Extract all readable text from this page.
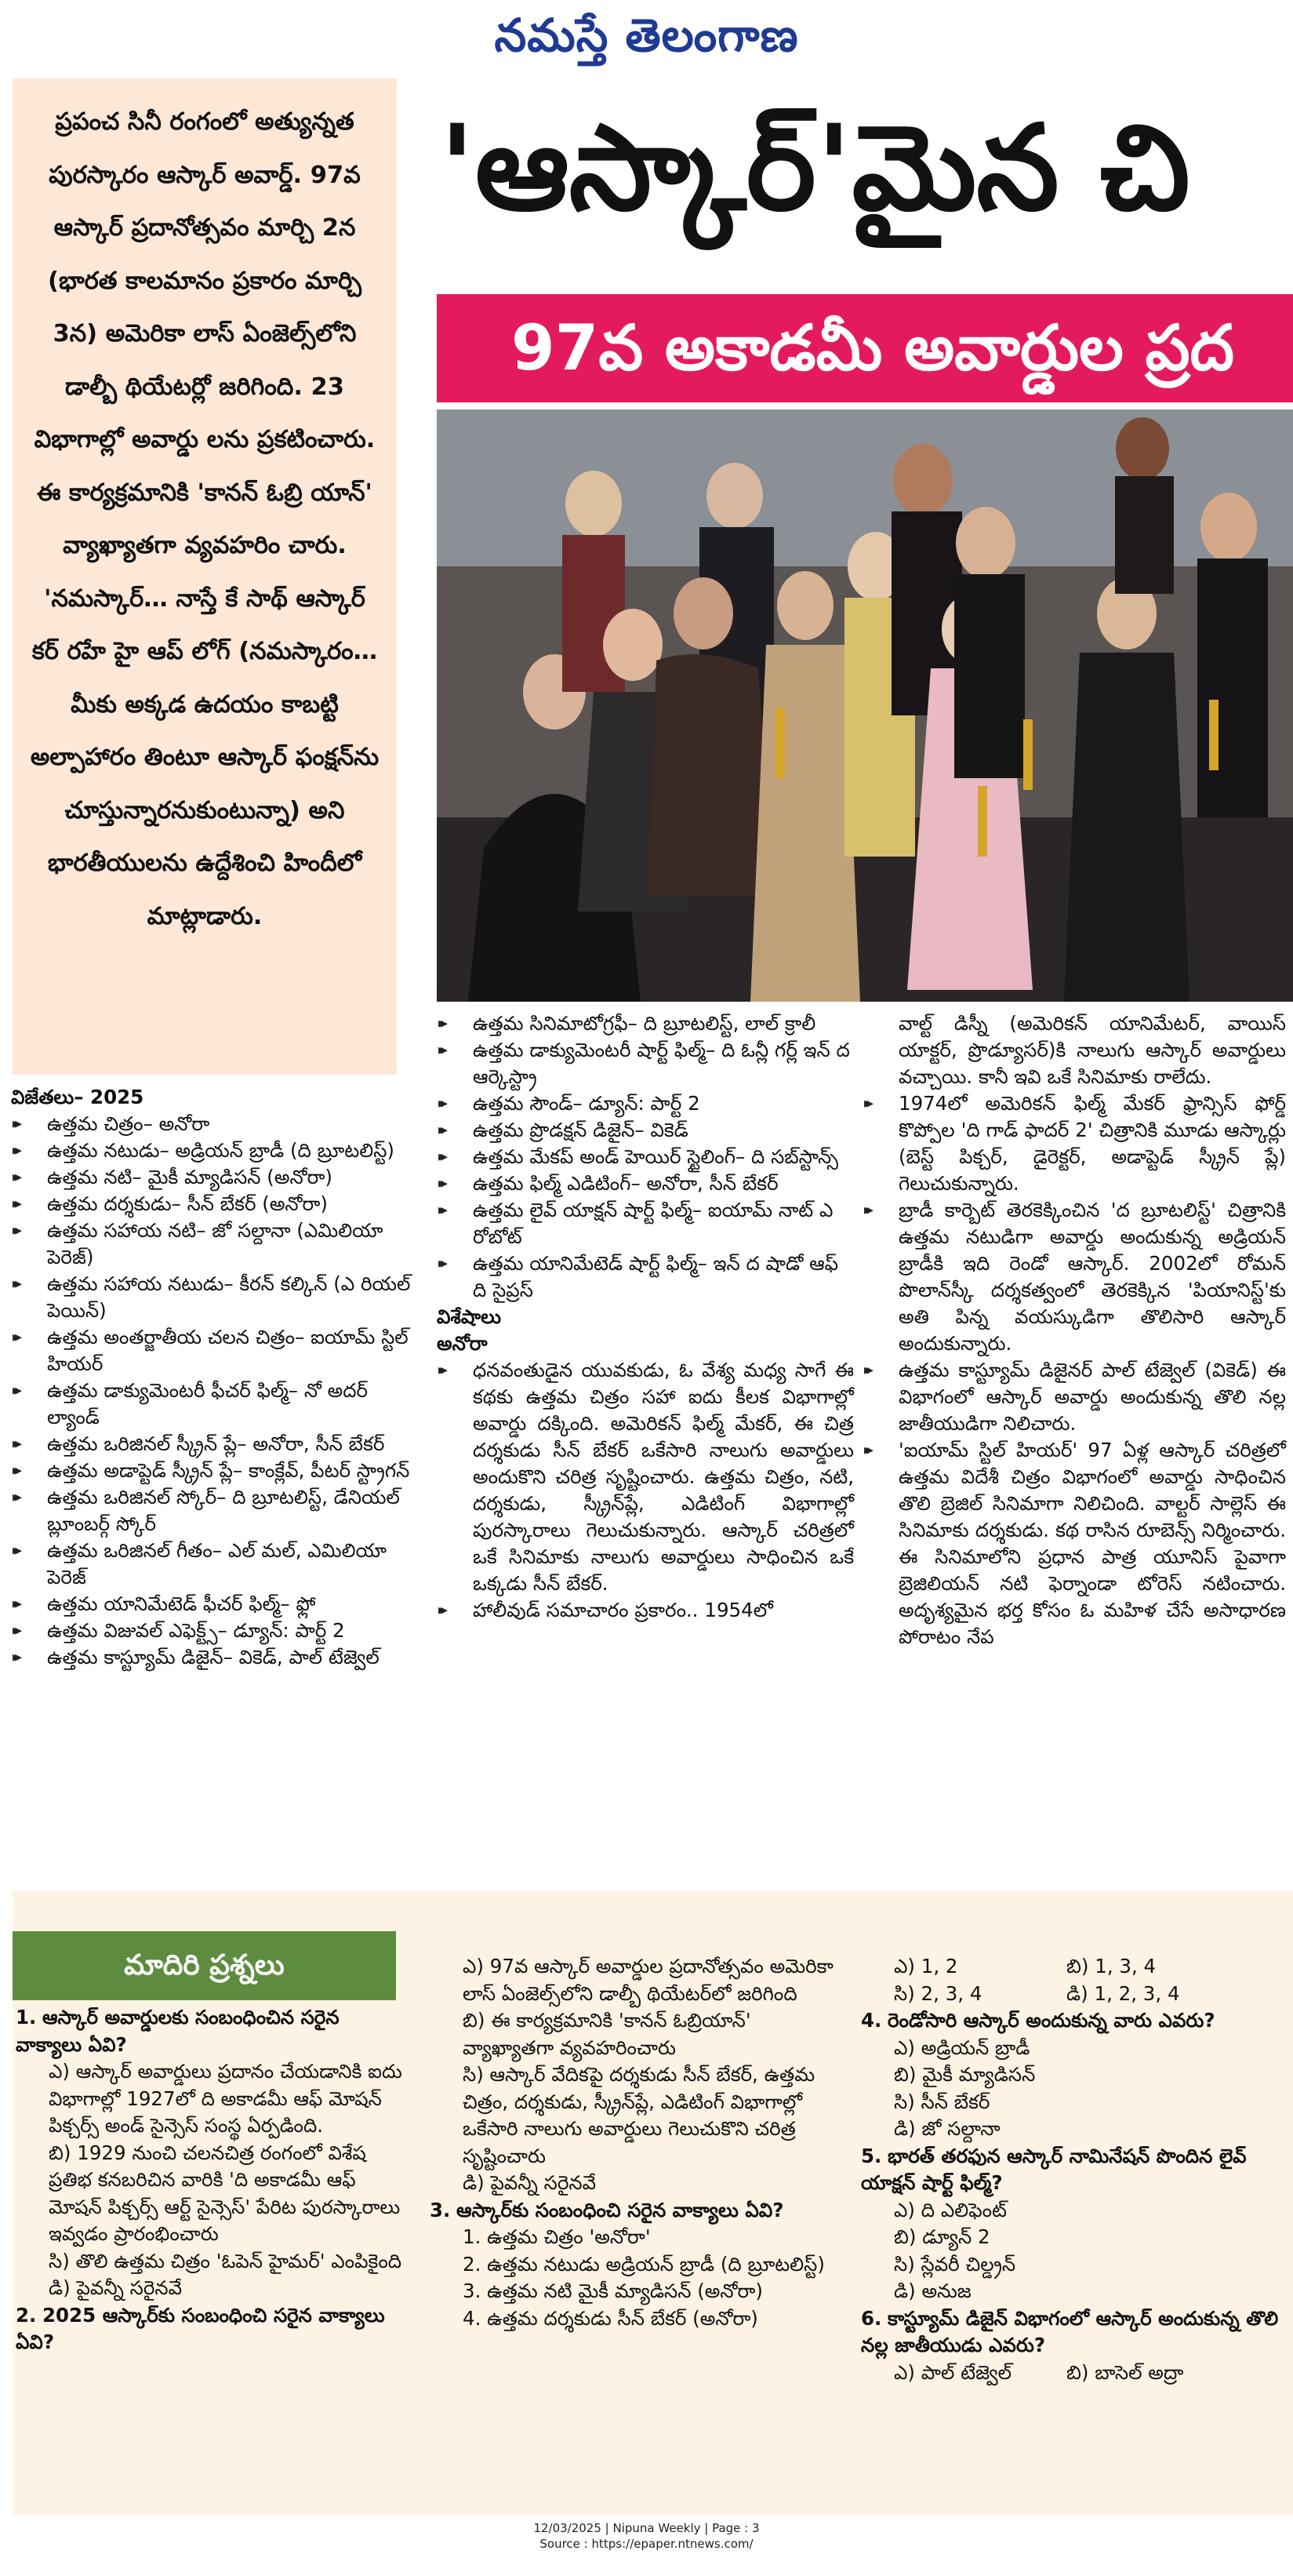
నమస్తే తెలంగాణ

ప్రపంచ సినీ రంగంలో అత్యున్నత పురస్కారం ఆస్కార్ అవార్డ్. 97వ ఆస్కార్ ప్రదానోత్సవం మార్చి 2న (భారత కాలమానం ప్రకారం మార్చి 3న) అమెరికా లాస్ ఏంజెల్స్‌లోని డాల్బీ థియేటర్లో జరిగింది. 23 విభాగాల్లో అవార్డు లను ప్రకటించారు. ఈ కార్యక్రమానికి 'కానన్ ఓబ్రి యాన్' వ్యాఖ్యాతగా వ్యవహరిం చారు. 'నమస్కార్… నాస్తే కే సాథ్ ఆస్కార్ కర్ రహే హై ఆప్ లోగ్ (నమస్కారం… మీకు అక్కడ ఉదయం కాబట్టి అల్పాహారం తింటూ ఆస్కార్ ఫంక్షన్‌ను చూస్తున్నారనుకుంటున్నా) అని భారతీయులను ఉద్దేశించి హిందీలో మాట్లాడారు.

'ఆస్కార్'మైన చి
97వ అకాడమీ అవార్డుల ప్రద

విజేతలు– 2025

▸▸ ఉత్తమ చిత్రం– అనోరా
▸▸ ఉత్తమ నటుడు– అడ్రియన్ బ్రాడీ (ది బ్రూటలిస్ట్)
▸▸ ఉత్తమ నటి– మైకీ మ్యాడిసన్ (అనోరా)
▸▸ ఉత్తమ దర్శకుడు– సీన్ బేకర్ (అనోరా)
▸▸ ఉత్తమ సహాయ నటి– జో సల్దానా (ఎమిలియా పెరెజ్)
▸▸ ఉత్తమ సహాయ నటుడు– కీరన్ కల్కిన్ (ఎ రియల్ పెయిన్)
▸▸ ఉత్తమ అంతర్జాతీయ చలన చిత్రం– ఐయామ్ స్టిల్ హియర్
▸▸ ఉత్తమ డాక్యుమెంటరీ ఫీచర్ ఫిల్మ్– నో అదర్ ల్యాండ్
▸▸ ఉత్తమ ఒరిజినల్ స్క్రీన్ ప్లే– అనోరా, సీన్ బేకర్
▸▸ ఉత్తమ అడాప్టెడ్ స్క్రీన్ ప్లే– కాంక్లేవ్, పీటర్ స్ట్రాగన్
▸▸ ఉత్తమ ఒరిజినల్ స్కోర్– ది బ్రూటలిస్ట్, డేనియల్ బ్లూంబర్గ్ స్కోర్
▸▸ ఉత్తమ ఒరిజినల్ గీతం– ఎల్ మల్, ఎమిలియా పెరెజ్
▸▸ ఉత్తమ యానిమేటెడ్ ఫీచర్ ఫిల్మ్– ఫ్లో
▸▸ ఉత్తమ విజువల్ ఎఫెక్ట్స్– డ్యూన్: పార్ట్ 2
▸▸ ఉత్తమ కాస్ట్యూమ్ డిజైన్– వికెడ్, పాల్ టేజ్వెల్
▸▸ ఉత్తమ సినిమాటోగ్రఫీ– ది బ్రూటలిస్ట్, లాల్ క్రాలీ
▸▸ ఉత్తమ డాక్యుమెంటరీ షార్ట్ ఫిల్మ్– ది ఓన్లీ గర్ల్ ఇన్ ద ఆర్కెస్ట్రా
▸▸ ఉత్తమ సౌండ్– డ్యూన్: పార్ట్ 2
▸▸ ఉత్తమ ప్రొడక్షన్ డిజైన్– వికెడ్
▸▸ ఉత్తమ మేకప్ అండ్ హెయిర్ స్టైలింగ్– ది సబ్‌స్టాన్స్
▸▸ ఉత్తమ ఫిల్మ్ ఎడిటింగ్– అనోరా, సీన్ బేకర్
▸▸ ఉత్తమ లైవ్ యాక్షన్ షార్ట్ ఫిల్మ్– ఐయామ్ నాట్ ఎ రోబోట్
▸▸ ఉత్తమ యానిమేటెడ్ షార్ట్ ఫిల్మ్– ఇన్ ద షాడో ఆఫ్ ది సైప్రస్

విశేషాలు

అనోరా

▸▸ ధనవంతుడైన యువకుడు, ఓ వేశ్య మధ్య సాగే ఈ కథకు ఉత్తమ చిత్రం సహా ఐదు కీలక విభాగాల్లో అవార్డు దక్కింది. అమెరికన్ ఫిల్మ్ మేకర్, ఈ చిత్ర దర్శకుడు సీన్ బేకర్ ఒకేసారి నాలుగు అవార్డులు అందుకొని చరిత్ర సృష్టించారు. ఉత్తమ చిత్రం, నటి, దర్శకుడు, స్క్రీన్‌ప్లే, ఎడిటింగ్ విభాగాల్లో పురస్కారాలు గెలుచుకున్నారు. ఆస్కార్ చరిత్రలో ఒకే సినిమాకు నాలుగు అవార్డులు సాధించిన ఒకే ఒక్కడు సీన్ బేకర్.
▸▸ హాలీవుడ్ సమాచారం ప్రకారం.. 1954లో

వాల్ట్ డిస్నీ (అమెరికన్ యానిమేటర్, వాయిస్ యాక్టర్, ప్రొడ్యూసర్)కి నాలుగు ఆస్కార్ అవార్డులు వచ్చాయి. కానీ ఇవి ఒకే సినిమాకు రాలేదు.

▸▸ 1974లో అమెరికన్ ఫిల్మ్ మేకర్ ఫ్రాన్సిస్ ఫోర్డ్ కొప్పోల 'ది గాడ్ ఫాదర్ 2' చిత్రానికి మూడు ఆస్కార్లు (బెస్ట్ పిక్చర్, డైరెక్టర్, అడాప్టెడ్ స్క్రీన్ ప్లే) గెలుచుకున్నారు.
▸▸ బ్రాడీ కార్బెట్ తెరకెక్కించిన 'ద బ్రూటలిస్ట్' చిత్రానికి ఉత్తమ నటుడిగా అవార్డు అందుకున్న అడ్రియన్ బ్రాడీకి ఇది రెండో ఆస్కార్. 2002లో రోమన్ పొలాన్‌స్కీ దర్శకత్వంలో తెరకెక్కిన 'పియానిస్ట్'కు అతి పిన్న వయస్కుడిగా తొలిసారి ఆస్కార్ అందుకున్నారు.
▸▸ ఉత్తమ కాస్ట్యూమ్ డిజైనర్ పాల్ టేజ్వెల్ (వికెడ్) ఈ విభాగంలో ఆస్కార్ అవార్డు అందుకున్న తొలి నల్ల జాతీయుడిగా నిలిచారు.
▸▸ 'ఐయామ్ స్టిల్ హియర్' 97 ఏళ్ల ఆస్కార్ చరిత్రలో ఉత్తమ విదేశీ చిత్రం విభాగంలో అవార్డు సాధించిన తొలి బ్రెజిల్ సినిమాగా నిలిచింది. వాల్టర్ సాల్లెస్ ఈ సినిమాకు దర్శకుడు. కథ రాసిన రూబెన్స్ నిర్మించారు. ఈ సినిమాలోని ప్రధాన పాత్ర యూనిస్ పైవాగా బ్రెజిలియన్ నటి ఫెర్నాండా టోరెస్ నటించారు. అదృశ్యమైన భర్త కోసం ఓ మహిళ చేసే అసాధారణ పోరాటం నేప
మాదిరి ప్రశ్నలు

1. ఆస్కార్ అవార్డులకు సంబంధించిన సరైన వాక్యాలు ఏవి?

ఎ) ఆస్కార్ అవార్డులు ప్రదానం చేయడానికి ఐదు విభాగాల్లో 1927లో ది అకాడమీ ఆఫ్ మోషన్ పిక్చర్స్ అండ్ సైన్సెస్ సంస్థ ఏర్పడింది.

బి) 1929 నుంచి చలనచిత్ర రంగంలో విశేష ప్రతిభ కనబరిచిన వారికి 'ది అకాడమీ ఆఫ్ మోషన్ పిక్చర్స్ ఆర్ట్ సైన్సెస్' పేరిట పురస్కారాలు ఇవ్వడం ప్రారంభించారు

సి) తొలి ఉత్తమ చిత్రం 'ఓపెన్ హైమర్' ఎంపికైంది

డి) పైవన్నీ సరైనవే

2. 2025 ఆస్కార్‌కు సంబంధించి సరైన వాక్యాలు ఏవి?

ఎ) 97వ ఆస్కార్ అవార్డుల ప్రదానోత్సవం అమెరికా లాస్ ఏంజెల్స్‌లోని డాల్బీ థియేటర్‌లో జరిగింది

బి) ఈ కార్యక్రమానికి 'కానన్ ఓబ్రియాన్' వ్యాఖ్యాతగా వ్యవహరించారు

సి) ఆస్కార్ వేదికపై దర్శకుడు సీన్ బేకర్, ఉత్తమ చిత్రం, దర్శకుడు, స్క్రీన్‌ప్లే, ఎడిటింగ్ విభాగాల్లో ఒకేసారి నాలుగు అవార్డులు గెలుచుకొని చరిత్ర సృష్టించారు

డి) పైవన్నీ సరైనవే

3. ఆస్కార్‌కు సంబంధించి సరైన వాక్యాలు ఏవి?

1. ఉత్తమ చిత్రం 'అనోరా'

2. ఉత్తమ నటుడు అడ్రియన్ బ్రాడీ (ది బ్రూటలిస్ట్)

3. ఉత్తమ నటి మైకీ మ్యాడిసన్ (అనోరా)

4. ఉత్తమ దర్శకుడు సీన్ బేకర్ (అనోరా)

ఎ) 1, 2	బి) 1, 3, 4
సి) 2, 3, 4	డి) 1, 2, 3, 4

4. రెండోసారి ఆస్కార్ అందుకున్న వారు ఎవరు?

ఎ) అడ్రియన్ బ్రాడీ

బి) మైకీ మ్యాడిసన్

సి) సీన్ బేకర్

డి) జో సల్దానా

5. భారత్ తరఫున ఆస్కార్ నామినేషన్ పొందిన లైవ్ యాక్షన్ షార్ట్ ఫిల్మ్?

ఎ) ది ఎలిఫెంట్

బి) డ్యూన్ 2

సి) స్లేవరీ చిల్డ్రన్

డి) అనుజ

6. కాస్ట్యూమ్ డిజైన్ విభాగంలో ఆస్కార్ అందుకున్న తొలి నల్ల జాతీయుడు ఎవరు?

ఎ) పాల్ టేజ్వెల్	బి) బాసెల్ అద్రా
12/03/2025 | Nipuna Weekly | Page : 3
Source : https://epaper.ntnews.com/
